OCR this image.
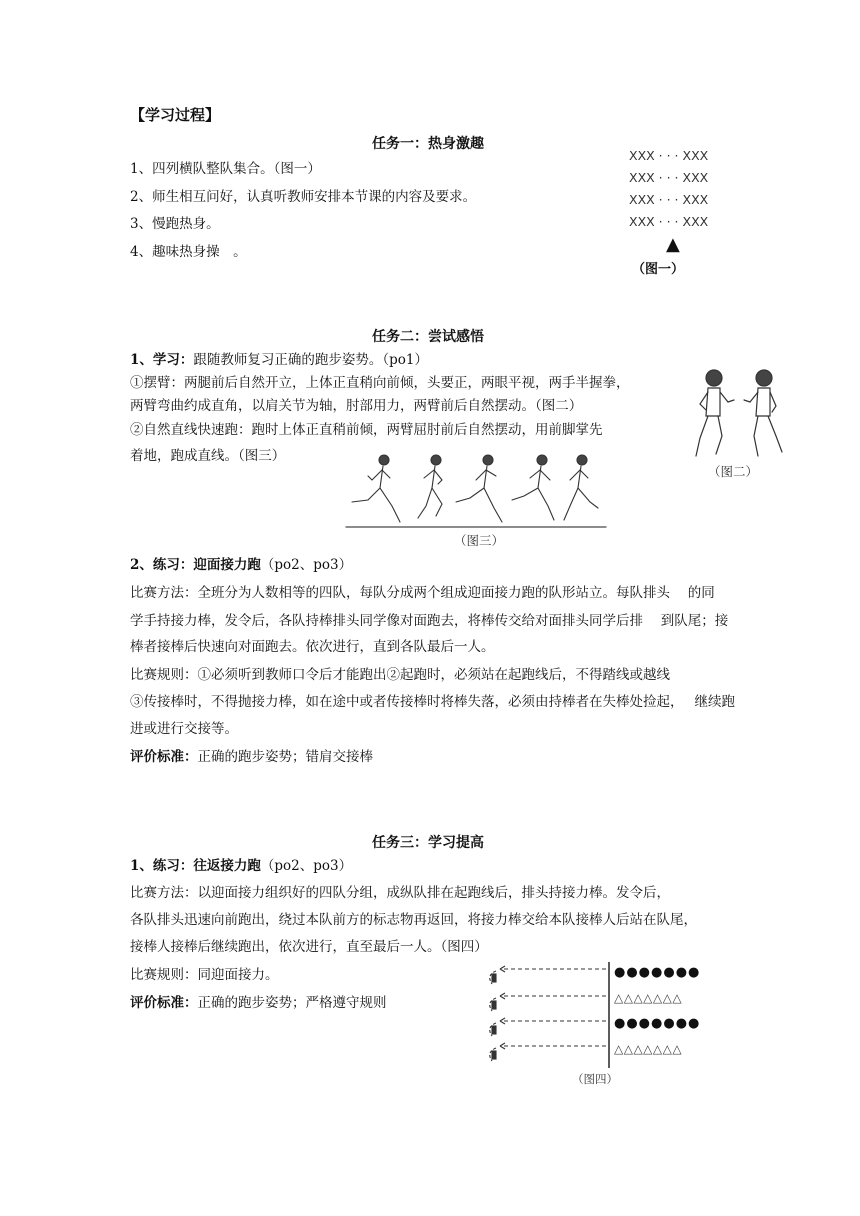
【学习过程】
任务一：热身激趣
1、四列横队整队集合。（图一）
2、师生相互问好，认真听教师安排本节课的内容及要求。
3、慢跑热身。
4、趣味热身操　。
XXX · · · XXX
XXX · · · XXX
XXX · · · XXX
XXX · · · XXX
▲
（图一）
任务二：尝试感悟
1、学习：跟随教师复习正确的跑步姿势。（po1）
①摆臂：两腿前后自然开立，上体正直稍向前倾，头要正，两眼平视，两手半握拳，
两臂弯曲约成直角，以肩关节为轴，肘部用力，两臂前后自然摆动。（图二）
②自然直线快速跑：跑时上体正直稍前倾，两臂屈肘前后自然摆动，用前脚掌先
着地，跑成直线。（图三）
（图二）
（图三）
2、练习：迎面接力跑（po2、po3）
比赛方法：全班分为人数相等的四队，每队分成两个组成迎面接力跑的队形站立。每队排头　 的同
学手持接力棒，发令后，各队持棒排头同学像对面跑去，将棒传交给对面排头同学后排　 到队尾；接
棒者接棒后快速向对面跑去。依次进行，直到各队最后一人。
比赛规则：①必须听到教师口令后才能跑出②起跑时，必须站在起跑线后，不得踏线或越线
③传接棒时，不得抛接力棒，如在途中或者传接棒时将棒失落，必须由持棒者在失棒处捡起，　 继续跑
进或进行交接等。
评价标准：正确的跑步姿势；错肩交接棒
任务三：学习提高
1、练习：往返接力跑（po2、po3）
比赛方法：以迎面接力组织好的四队分组，成纵队排在起跑线后，排头持接力棒。发令后，
各队排头迅速向前跑出，绕过本队前方的标志物再返回，将接力棒交给本队接棒人后站在队尾，
接棒人接棒后继续跑出，依次进行，直至最后一人。（图四）
比赛规则：同迎面接力。
评价标准：正确的跑步姿势；严格遵守规则
●●●●●●●
△△△△△△△
●●●●●●●
△△△△△△△
（图四）
